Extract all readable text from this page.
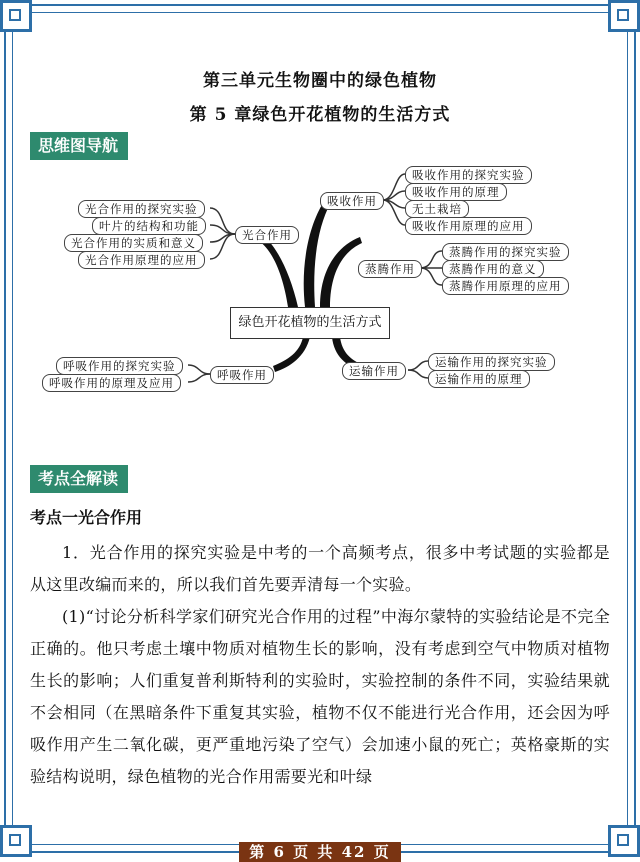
第三单元生物圈中的绿色植物
第 5 章绿色开花植物的生活方式
思维图导航
绿色开花植物的生活方式
吸收作用
吸收作用的探究实验
吸收作用的原理
无土栽培
吸收作用原理的应用
蒸腾作用
蒸腾作用的探究实验
蒸腾作用的意义
蒸腾作用原理的应用
运输作用
运输作用的探究实验
运输作用的原理
光合作用
光合作用的探究实验
叶片的结构和功能
光合作用的实质和意义
光合作用原理的应用
呼吸作用
呼吸作用的探究实验
呼吸作用的原理及应用
考点全解读
考点一光合作用
1．光合作用的探究实验是中考的一个高频考点，很多中考试题的实验都是从这里改编而来的，所以我们首先要弄清每一个实验。
(1)“讨论分析科学家们研究光合作用的过程”中海尔蒙特的实验结论是不完全正确的。他只考虑土壤中物质对植物生长的影响，没有考虑到空气中物质对植物生长的影响；人们重复普利斯特利的实验时，实验控制的条件不同，实验结果就不会相同（在黑暗条件下重复其实验，植物不仅不能进行光合作用，还会因为呼吸作用产生二氧化碳，更严重地污染了空气）会加速小鼠的死亡；英格豪斯的实验结构说明，绿色植物的光合作用需要光和叶绿
第 6 页 共 42 页
